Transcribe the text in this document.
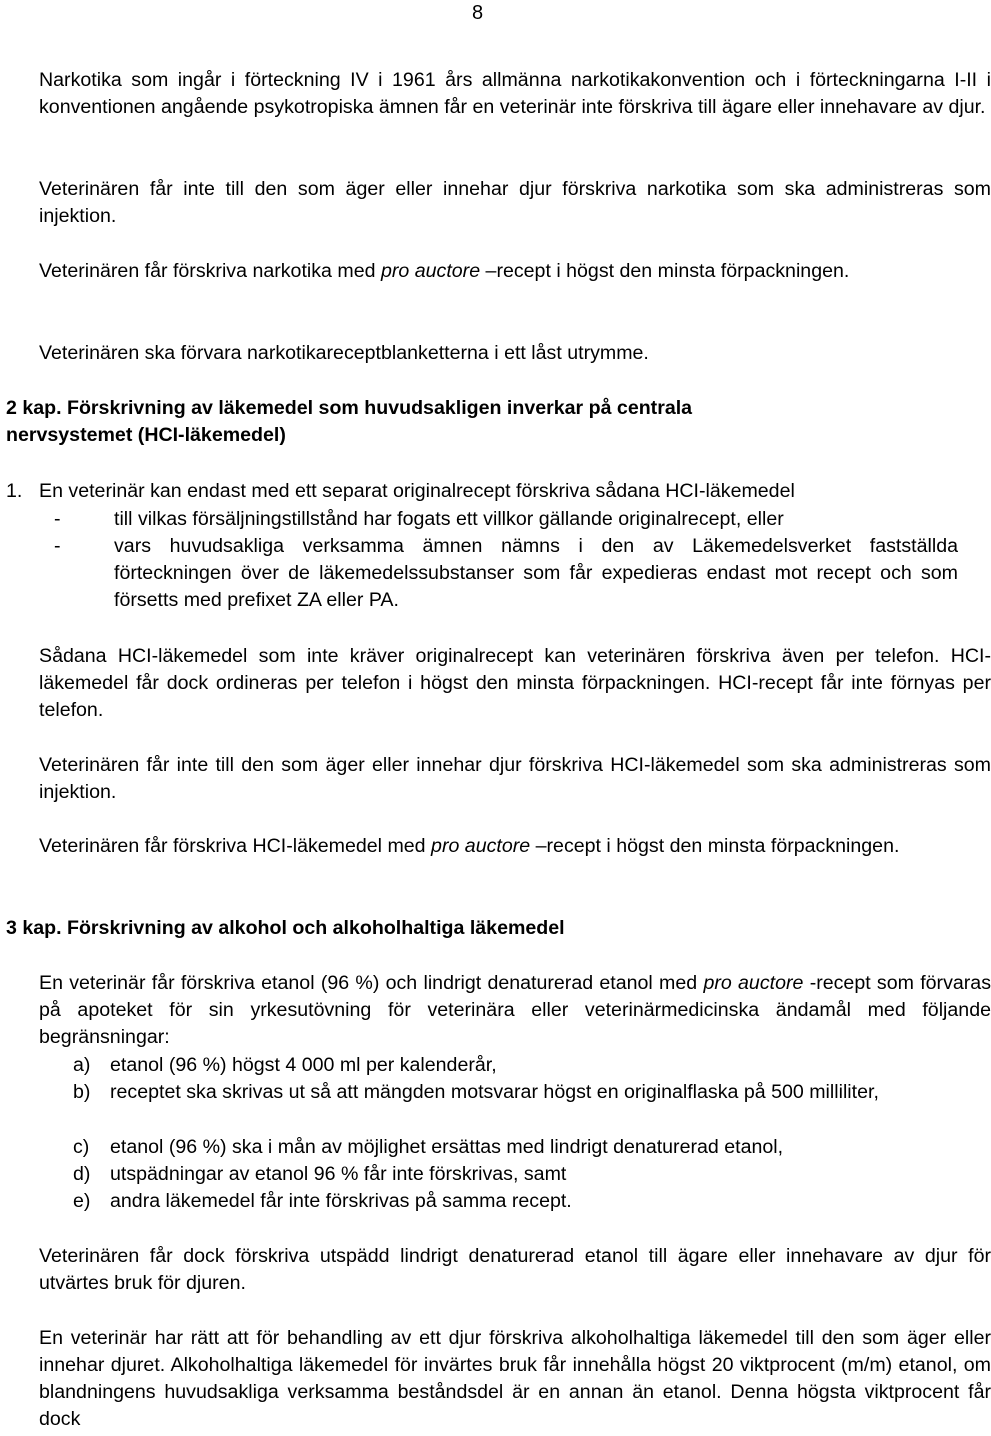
8
Narkotika som ingår i förteckning IV i 1961 års allmänna narkotikakonvention och i förteckningarna I-II i konventionen angående psykotropiska ämnen får en veterinär inte förskriva till ägare eller innehavare av djur.
Veterinären får inte till den som äger eller innehar djur förskriva narkotika som ska administreras som injektion.
Veterinären får förskriva narkotika med pro auctore –recept i högst den minsta förpackningen.
Veterinären ska förvara narkotikareceptblanketterna i ett låst utrymme.
2 kap. Förskrivning av läkemedel som huvudsakligen inverkar på centrala
nervsystemet (HCI-läkemedel)
1. En veterinär kan endast med ett separat originalrecept förskriva sådana HCI-läkemedel
-	till vilkas försäljningstillstånd har fogats ett villkor gällande originalrecept, eller
-	vars huvudsakliga verksamma ämnen nämns i den av Läkemedelsverket fastställda förteckningen över de läkemedelssubstanser som får expedieras endast mot recept och som försetts med prefixet ZA eller PA.
Sådana HCI-läkemedel som inte kräver originalrecept kan veterinären förskriva även per telefon. HCI-läkemedel får dock ordineras per telefon i högst den minsta förpackningen. HCI-recept får inte förnyas per telefon.
Veterinären får inte till den som äger eller innehar djur förskriva HCI-läkemedel som ska administreras som injektion.
Veterinären får förskriva HCI-läkemedel med pro auctore –recept i högst den minsta förpackningen.
3 kap. Förskrivning av alkohol och alkoholhaltiga läkemedel
En veterinär får förskriva etanol (96 %) och lindrigt denaturerad etanol med pro auctore -recept som förvaras på apoteket för sin yrkesutövning för veterinära eller veterinärmedicinska ändamål med följande begränsningar:
a) etanol (96 %) högst 4 000 ml per kalenderår,
b) receptet ska skrivas ut så att mängden motsvarar högst en originalflaska på 500 milliliter,
c) etanol (96 %) ska i mån av möjlighet ersättas med lindrigt denaturerad etanol,
d) utspädningar av etanol 96 % får inte förskrivas, samt
e) andra läkemedel får inte förskrivas på samma recept.
Veterinären får dock förskriva utspädd lindrigt denaturerad etanol till ägare eller innehavare av djur för utvärtes bruk för djuren.
En veterinär har rätt att för behandling av ett djur förskriva alkoholhaltiga läkemedel till den som äger eller innehar djuret. Alkoholhaltiga läkemedel för invärtes bruk får innehålla högst 20 viktprocent (m/m) etanol, om blandningens huvudsakliga verksamma beståndsdel är en annan än etanol. Denna högsta viktprocent får dock
